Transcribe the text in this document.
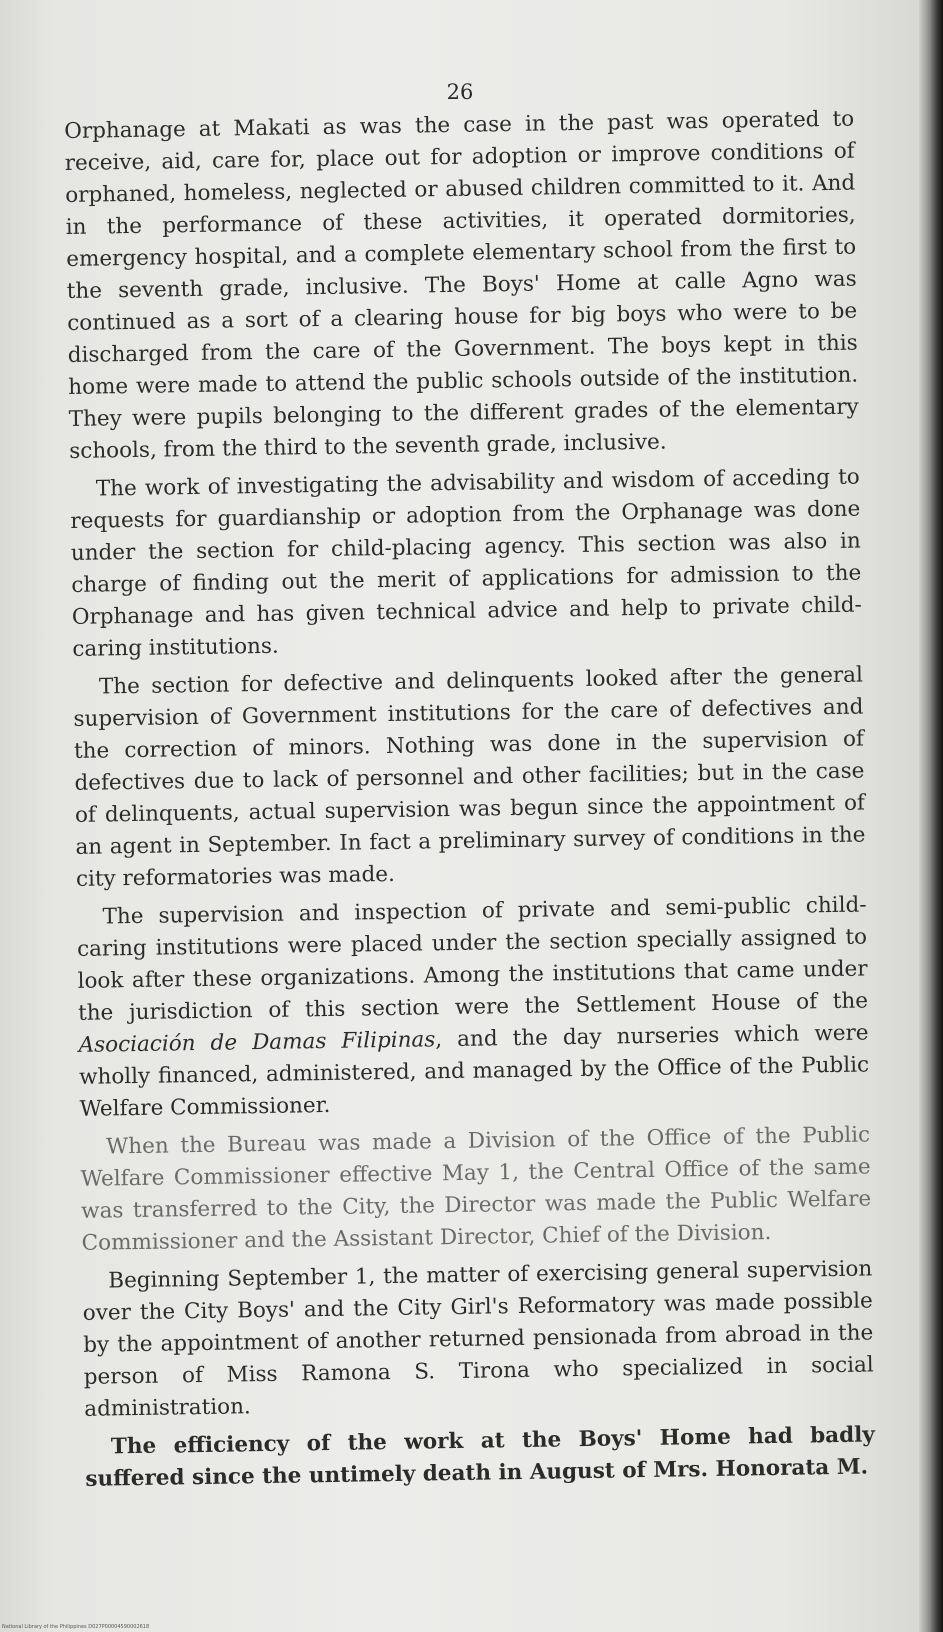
26

Orphanage at Makati as was the case in the past was operated to receive, aid, care for, place out for adoption or improve conditions of orphaned, homeless, neglected or abused children committed to it. And in the performance of these activities, it operated dormitories, emergency hospital, and a complete elementary school from the first to the seventh grade, inclusive. The Boys' Home at calle Agno was continued as a sort of a clearing house for big boys who were to be discharged from the care of the Government. The boys kept in this home were made to attend the public schools outside of the institution. They were pupils belonging to the different grades of the elementary schools, from the third to the seventh grade, inclusive.

The work of investigating the advisability and wisdom of acceding to requests for guardianship or adoption from the Orphanage was done under the section for child-placing agency. This section was also in charge of finding out the merit of applications for admission to the Orphanage and has given technical advice and help to private child-caring institutions.

The section for defective and delinquents looked after the general supervision of Government institutions for the care of defectives and the correction of minors. Nothing was done in the supervision of defectives due to lack of personnel and other facilities; but in the case of delinquents, actual supervision was begun since the appointment of an agent in September. In fact a preliminary survey of conditions in the city reformatories was made.

The supervision and inspection of private and semi-public child-caring institutions were placed under the section specially assigned to look after these organizations. Among the institutions that came under the jurisdiction of this section were the Settlement House of the Asociación de Damas Filipinas, and the day nurseries which were wholly financed, administered, and managed by the Office of the Public Welfare Commissioner.

When the Bureau was made a Division of the Office of the Public Welfare Commissioner effective May 1, the Central Office of the same was transferred to the City, the Director was made the Public Welfare Commissioner and the Assistant Director, Chief of the Division.

Beginning September 1, the matter of exercising general supervision over the City Boys' and the City Girl's Reformatory was made possible by the appointment of another returned pensionada from abroad in the person of Miss Ramona S. Tirona who specialized in social administration.

The efficiency of the work at the Boys' Home had badly suffered since the untimely death in August of Mrs. Honorata M.

National Library of the Philippines D027P00004590002618
